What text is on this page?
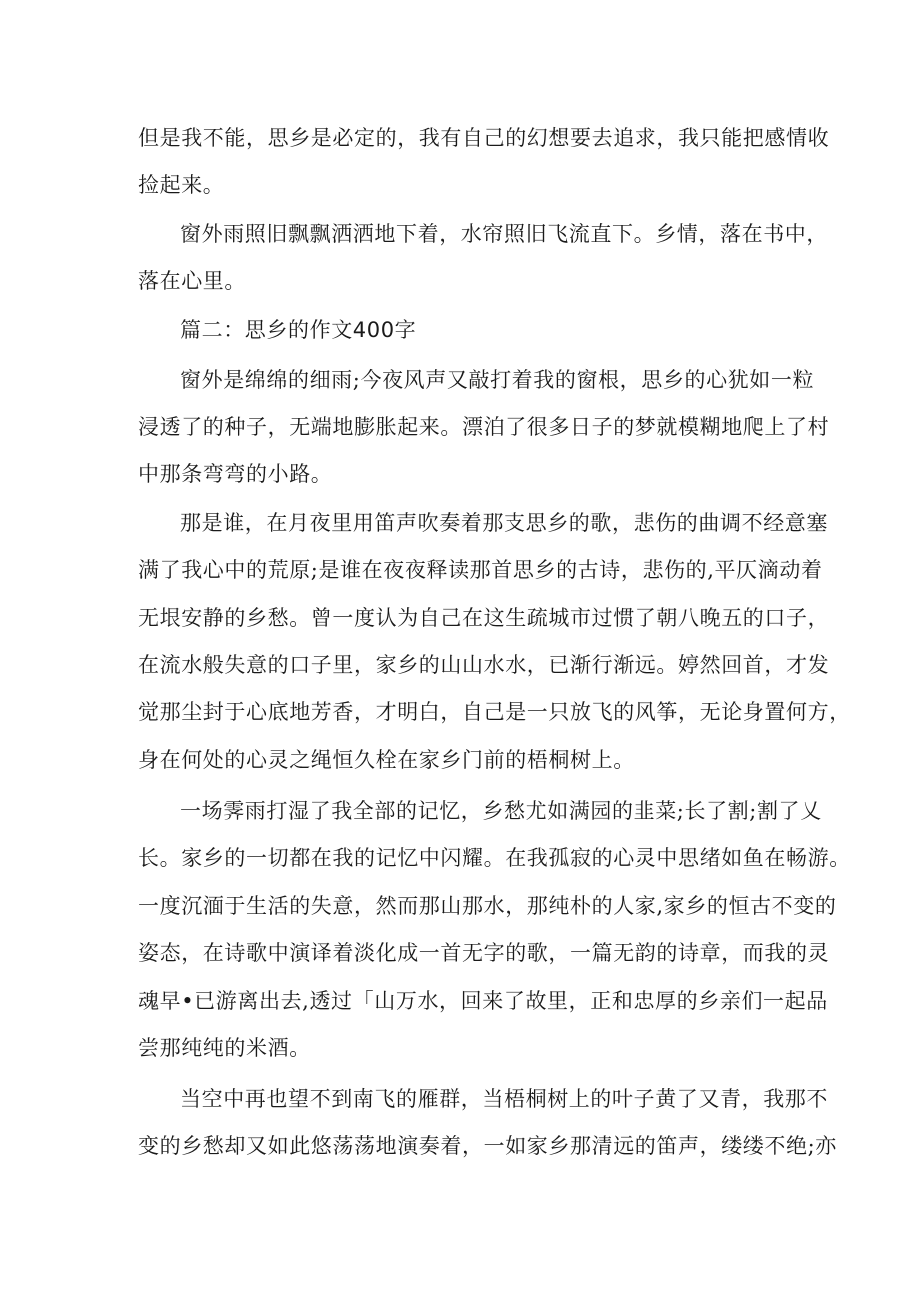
但是我不能，思乡是必定的，我有自己的幻想要去追求，我只能把感情收

捡起来。

窗外雨照旧飘飘洒洒地下着，水帘照旧飞流直下。乡情，落在书中，

落在心里。

篇二：思乡的作文400字

窗外是绵绵的细雨;今夜风声又敲打着我的窗根，思乡的心犹如一粒

浸透了的种子，无端地膨胀起来。漂泊了很多日子的梦就模糊地爬上了村

中那条弯弯的小路。

那是谁，在月夜里用笛声吹奏着那支思乡的歌，悲伤的曲调不经意塞

满了我心中的荒原;是谁在夜夜释读那首思乡的古诗，悲伤的,平仄滴动着

无垠安静的乡愁。曾一度认为自己在这生疏城市过惯了朝八晚五的口子，

在流水般失意的口子里，家乡的山山水水，已渐行渐远。婷然回首，才发

觉那尘封于心底地芳香，才明白，自己是一只放飞的风筝，无论身置何方，

身在何处的心灵之绳恒久栓在家乡门前的梧桐树上。

一场霁雨打湿了我全部的记忆，乡愁尤如满园的韭菜;长了割;割了乂

长。家乡的一切都在我的记忆中闪耀。在我孤寂的心灵中思绪如鱼在畅游。

一度沉湎于生活的失意，然而那山那水，那纯朴的人家,家乡的恒古不变的

姿态，在诗歌中演译着淡化成一首无字的歌，一篇无韵的诗章，而我的灵

魂早•已游离出去,透过「山万水，回来了故里，正和忠厚的乡亲们一起品

尝那纯纯的米酒。

当空中再也望不到南飞的雁群，当梧桐树上的叶子黄了又青，我那不

变的乡愁却又如此悠荡荡地演奏着，一如家乡那清远的笛声，缕缕不绝;亦
